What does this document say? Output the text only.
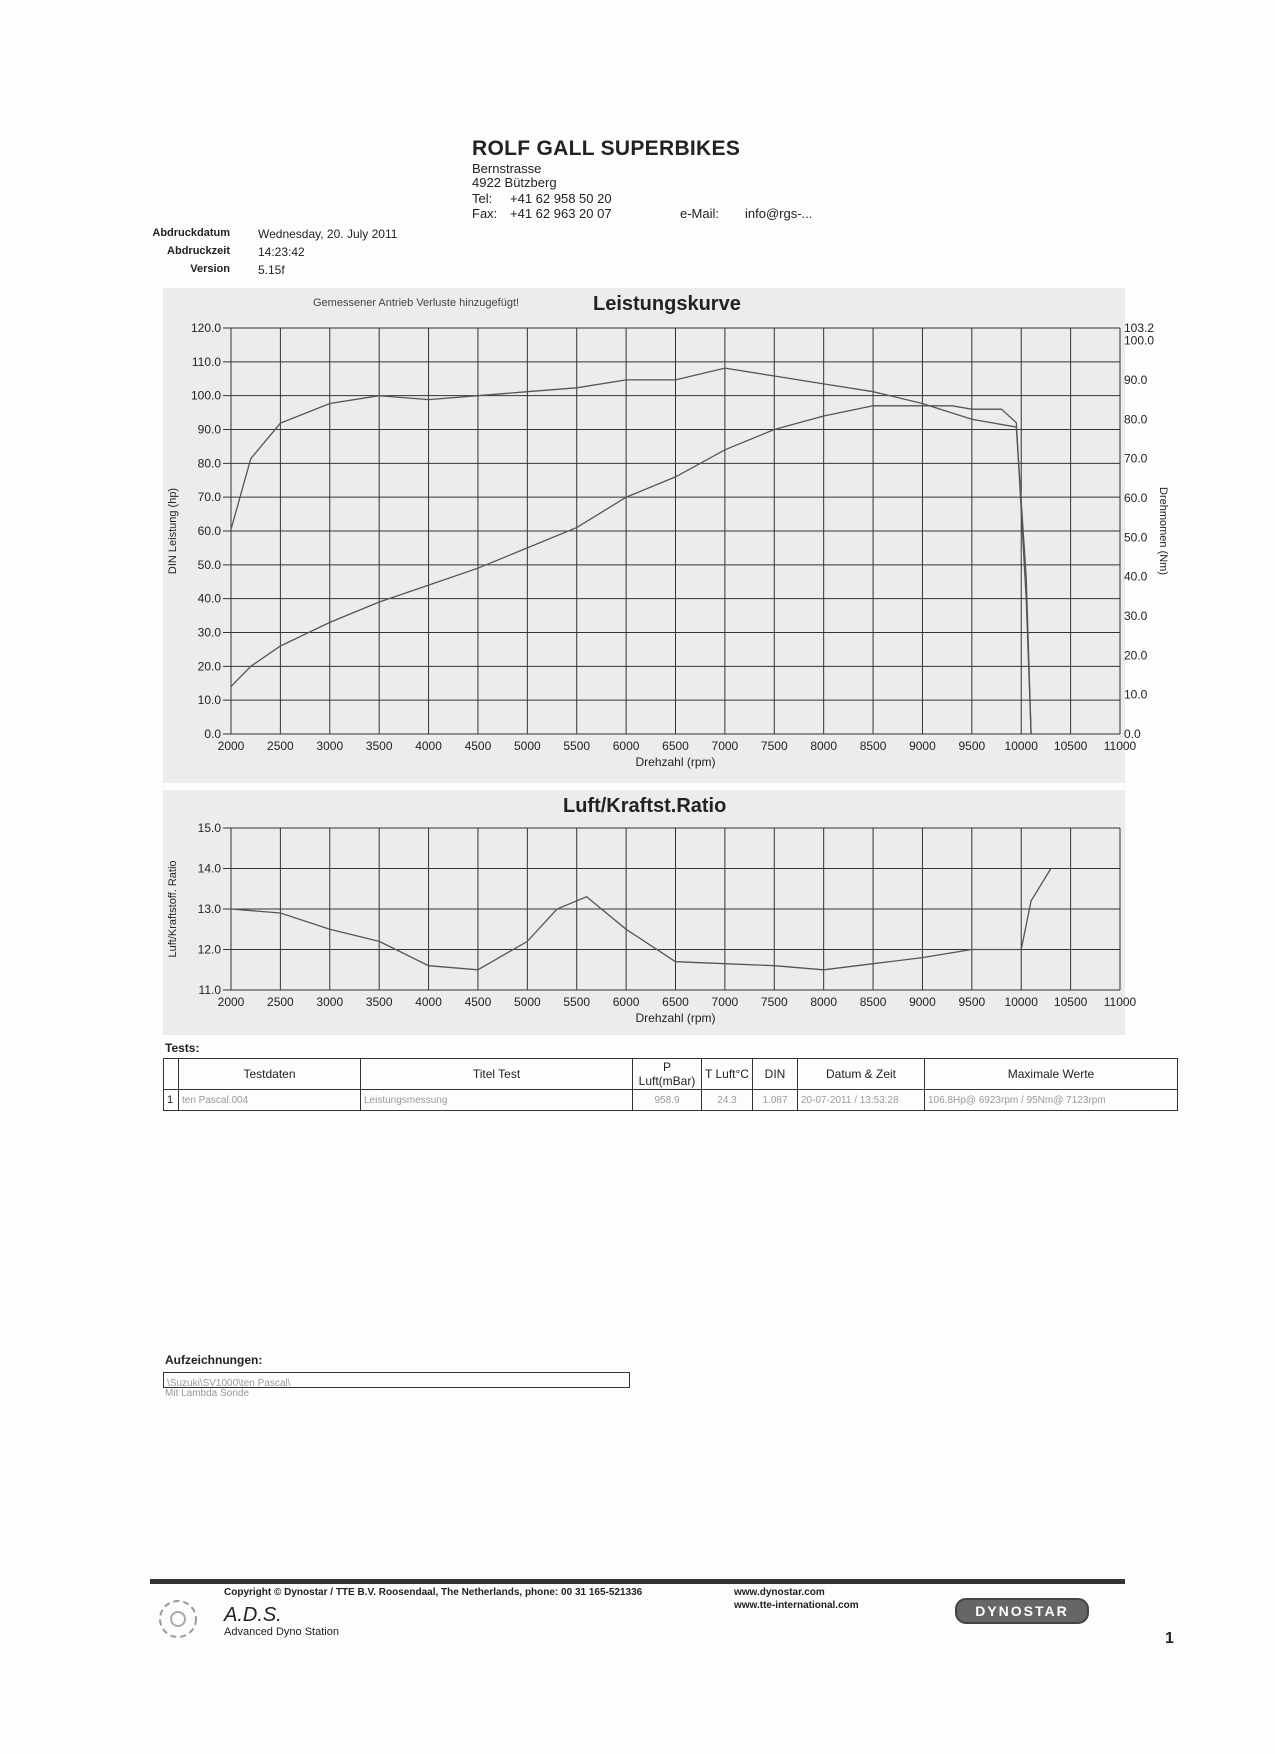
ROLF GALL SUPERBIKES
Bernstrasse
4922 Bützberg
Tel: +41 62 958 50 20
Fax: +41 62 963 20 07	e-Mail: info@rgs-...
Abdruckdatum Wednesday, 20. July 2011
Abdruckzeit 14:23:42
Version 5.15f
Leistungskurve
Gemessener Antrieb Verluste hinzugefügt!
2000 2500 3000 3500 4000 4500 5000 5500 6000 6500 7000 7500 8000 8500 9000 9500 10000 10500 11000
0.0
10.0
20.0
30.0
40.0
50.0
60.0
70.0
80.0
90.0
100.0
110.0
120.0
0.0
10.0
20.0
30.0
40.0
50.0
60.0
70.0
80.0
90.0
100.0
103.2
Drehzahl (rpm)
DIN Leistung (hp)	Drehmomen (Nm)
Luft/Kraftst.Ratio
2000 2500 3000 3500 4000 4500 5000 5500 6000 6500 7000 7500 8000 8500 9000 9500 10000 10500 11000
11.0
12.0
13.0
14.0
15.0
Drehzahl (rpm)
Luft/Kraftstoff. Ratio
Tests:
	Testdaten	Titel Test	P Luft(mBar)	T Luft°C	DIN	Datum & Zeit	Maximale Werte
1	ten Pascal.004	Leistungsmessung	958.9	24.3	1.087	20-07-2011 / 13:53:28	106.8Hp@ 6923rpm / 95Nm@ 7123rpm
Aufzeichnungen:
\Suzuki\SV1000\ten Pascal\
Mit Lambda Sonde
Copyright © Dynostar / TTE B.V. Roosendaal, The Netherlands, phone: 00 31 165-521336	www.dynostar.com
www.tte-international.com
A.D.S.
Advanced Dyno Station
DYNOSTAR
1
